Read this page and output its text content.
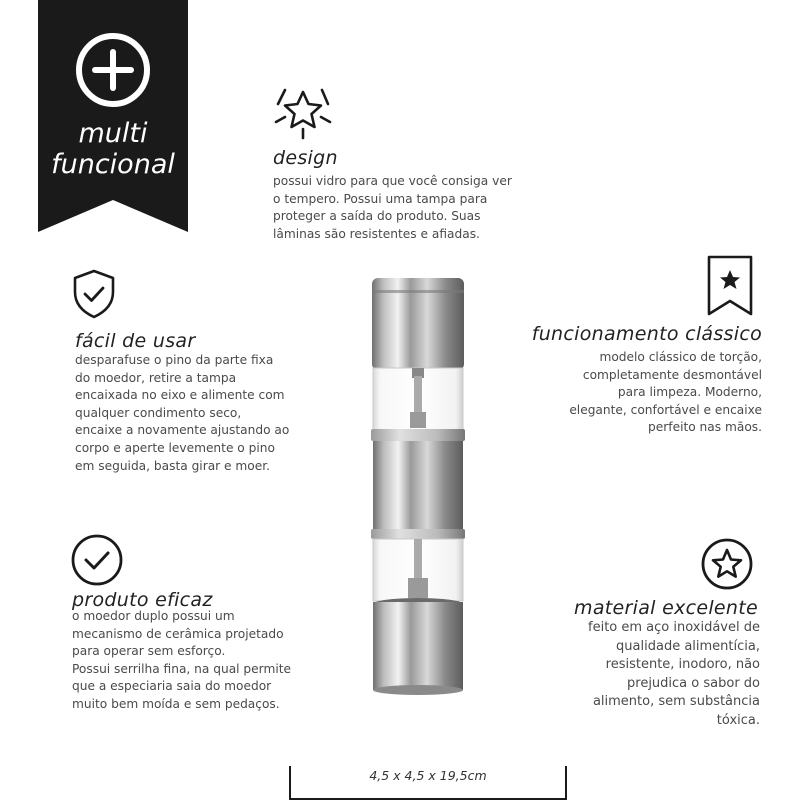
multi
funcional	design
possui vidro para que você consiga ver
o tempero. Possui uma tampa para
proteger a saída do produto. Suas
lâminas são resistentes e afiadas.
fácil de usar
desparafuse o pino da parte fixa
do moedor, retire a tampa
encaixada no eixo e alimente com
qualquer condimento seco,
encaixe a novamente ajustando ao
corpo e aperte levemente o pino
em seguida, basta girar e moer.
funcionamento clássico
modelo clássico de torção,
completamente desmontável
para limpeza. Moderno,
elegante, confortável e encaixe
perfeito nas mãos.
produto eficaz
o moedor duplo possui um
mecanismo de cerâmica projetado
para operar sem esforço.
Possui serrilha fina, na qual permite
que a especiaria saia do moedor
muito bem moída e sem pedaços.
material excelente
feito em aço inoxidável de
qualidade alimentícia,
resistente, inodoro, não
prejudica o sabor do
alimento, sem substância
tóxica.
4,5 x 4,5 x 19,5cm
